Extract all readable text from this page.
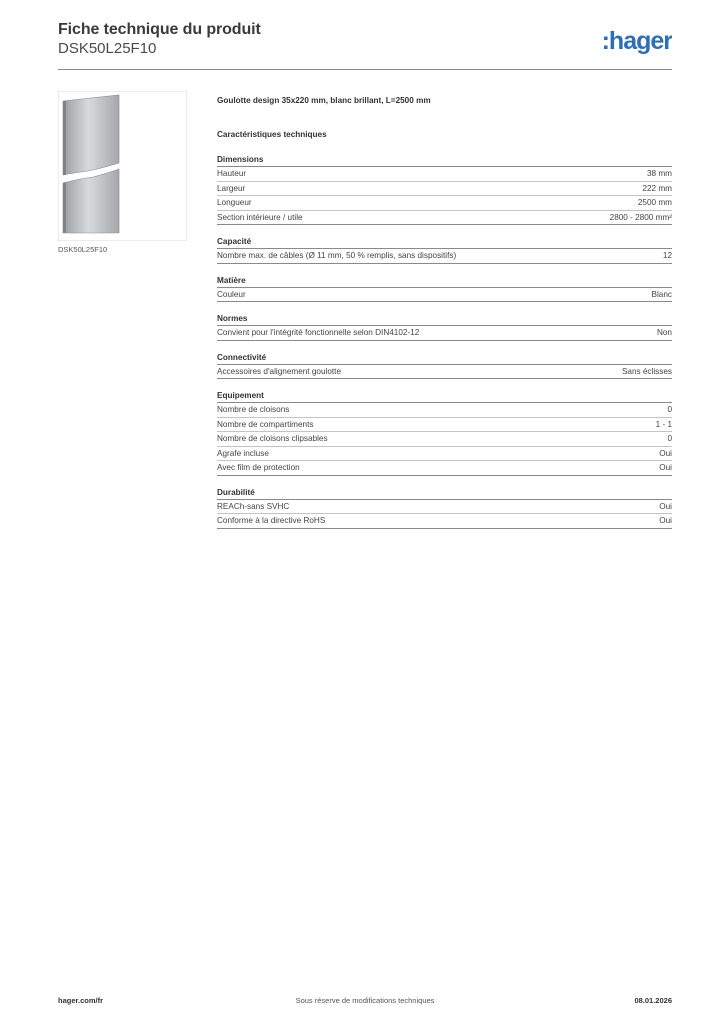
Fiche technique du produit
DSK50L25F10	:hager
DSK50L25F10
Goulotte design 35x220 mm, blanc brillant, L=2500 mm
Caractéristiques techniques
Dimensions
Hauteur	38 mm
Largeur	222 mm
Longueur	2500 mm
Section intérieure / utile	2800 - 2800 mm²
Capacité
Nombre max. de câbles (Ø 11 mm, 50 % remplis, sans dispositifs)	12
Matière
Couleur	Blanc
Normes
Convient pour l'intégrité fonctionnelle selon DIN4102-12	Non
Connectivité
Accessoires d'alignement goulotte	Sans éclisses
Equipement
Nombre de cloisons	0
Nombre de compartiments	1 - 1
Nombre de cloisons clipsables	0
Agrafe incluse	Oui
Avec film de protection	Oui
Durabilité
REACh-sans SVHC	Oui
Conforme à la directive RoHS	Oui
hager.com/fr	Sous réserve de modifications techniques	08.01.2026
